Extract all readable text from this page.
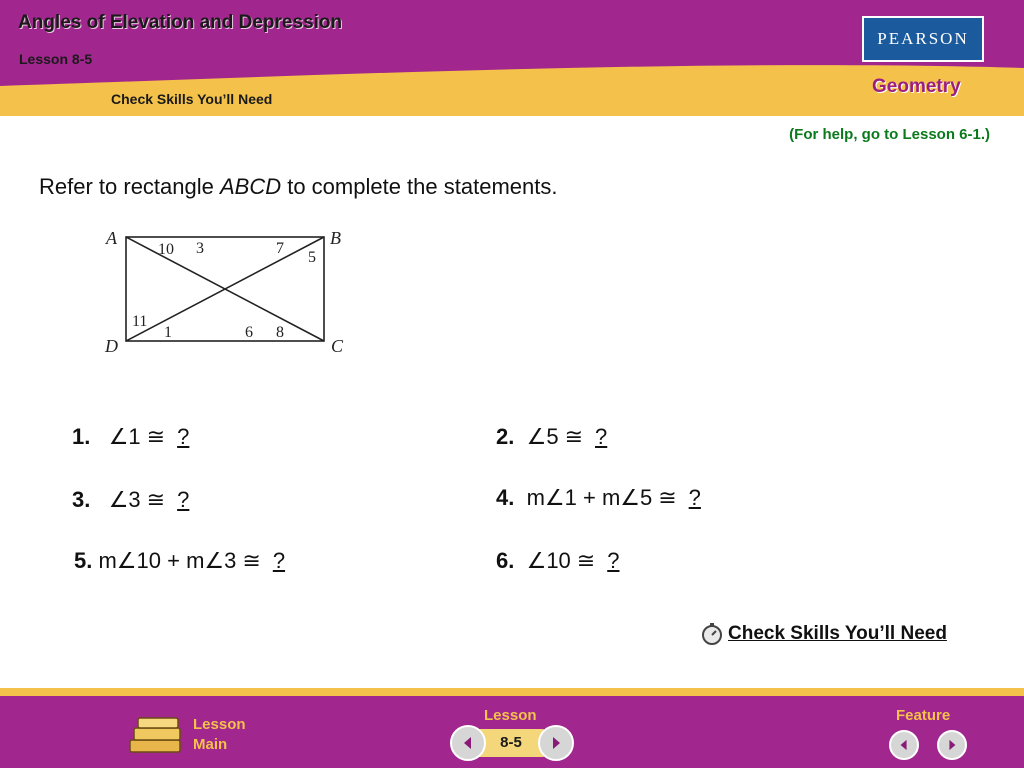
Angles of Elevation and Depression
Lesson 8-5
Check Skills You’ll Need
PEARSON
Geometry
(For help, go to Lesson 6-1.)
Refer to rectangle ABCD to complete the statements.
A	B
C
D
10 3	7
5
11
1	6 8
1. ∠1 ≅ ?	2. ∠5 ≅ ?
3. ∠3 ≅ ?	4. m∠1 + m∠5 ≅ ?
5. m∠10 + m∠3 ≅ ?	6. ∠10 ≅ ?
Check Skills You’ll Need
Lesson
Main
Lesson
8-5
Feature
